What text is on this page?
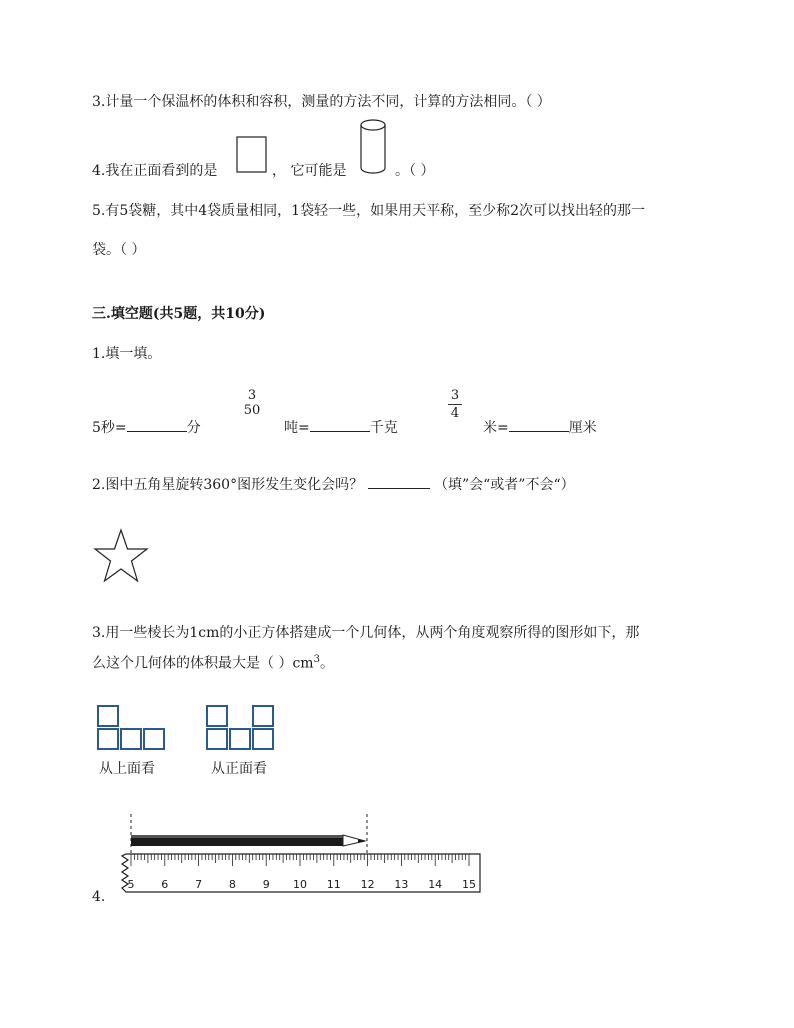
3.计量一个保温杯的体积和容积，测量的方法不同，计算的方法相同。（ ）
4.我在正面看到的是	， 它可能是	。（ ）
5.有5袋糖，其中4袋质量相同，1袋轻一些，如果用天平称，至少称2次可以找出轻的那一
袋。（ ）
三.填空题(共5题，共10分)
1.填一填。
5秒=	分
3
50
吨=	千克
3
4
米=	厘米
2.图中五角星旋转360°图形发生变化会吗？	（填”会“或者”不会“）
3.用一些棱长为1cm的小正方体搭建成一个几何体，从两个角度观察所得的图形如下，那
么这个几何体的体积最大是（ ）$cm^3$。
从上面看	从正面看
5 6 7 8 9 10 11 12 13 14 15
4.
